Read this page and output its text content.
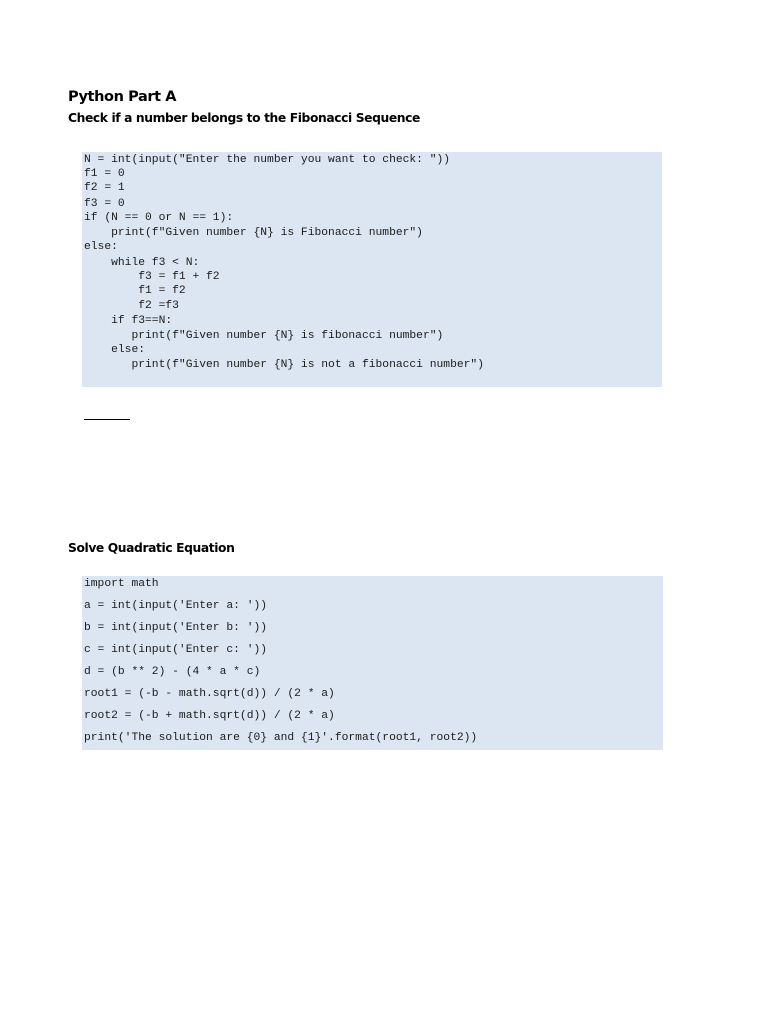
Python Part A
Check if a number belongs to the Fibonacci Sequence
N = int(input("Enter the number you want to check: "))
f1 = 0
f2 = 1
f3 = 0
if (N == 0 or N == 1):
print(f"Given number {N} is Fibonacci number")
else:
while f3 < N:
f3 = f1 + f2
f1 = f2
f2 =f3
if f3==N:
print(f"Given number {N} is fibonacci number")
else:
print(f"Given number {N} is not a fibonacci number")
Solve Quadratic Equation
import math
a = int(input('Enter a: '))
b = int(input('Enter b: '))
c = int(input('Enter c: '))
d = (b ** 2) - (4 * a * c)
root1 = (-b - math.sqrt(d)) / (2 * a)
root2 = (-b + math.sqrt(d)) / (2 * a)
print('The solution are {0} and {1}'.format(root1, root2))
